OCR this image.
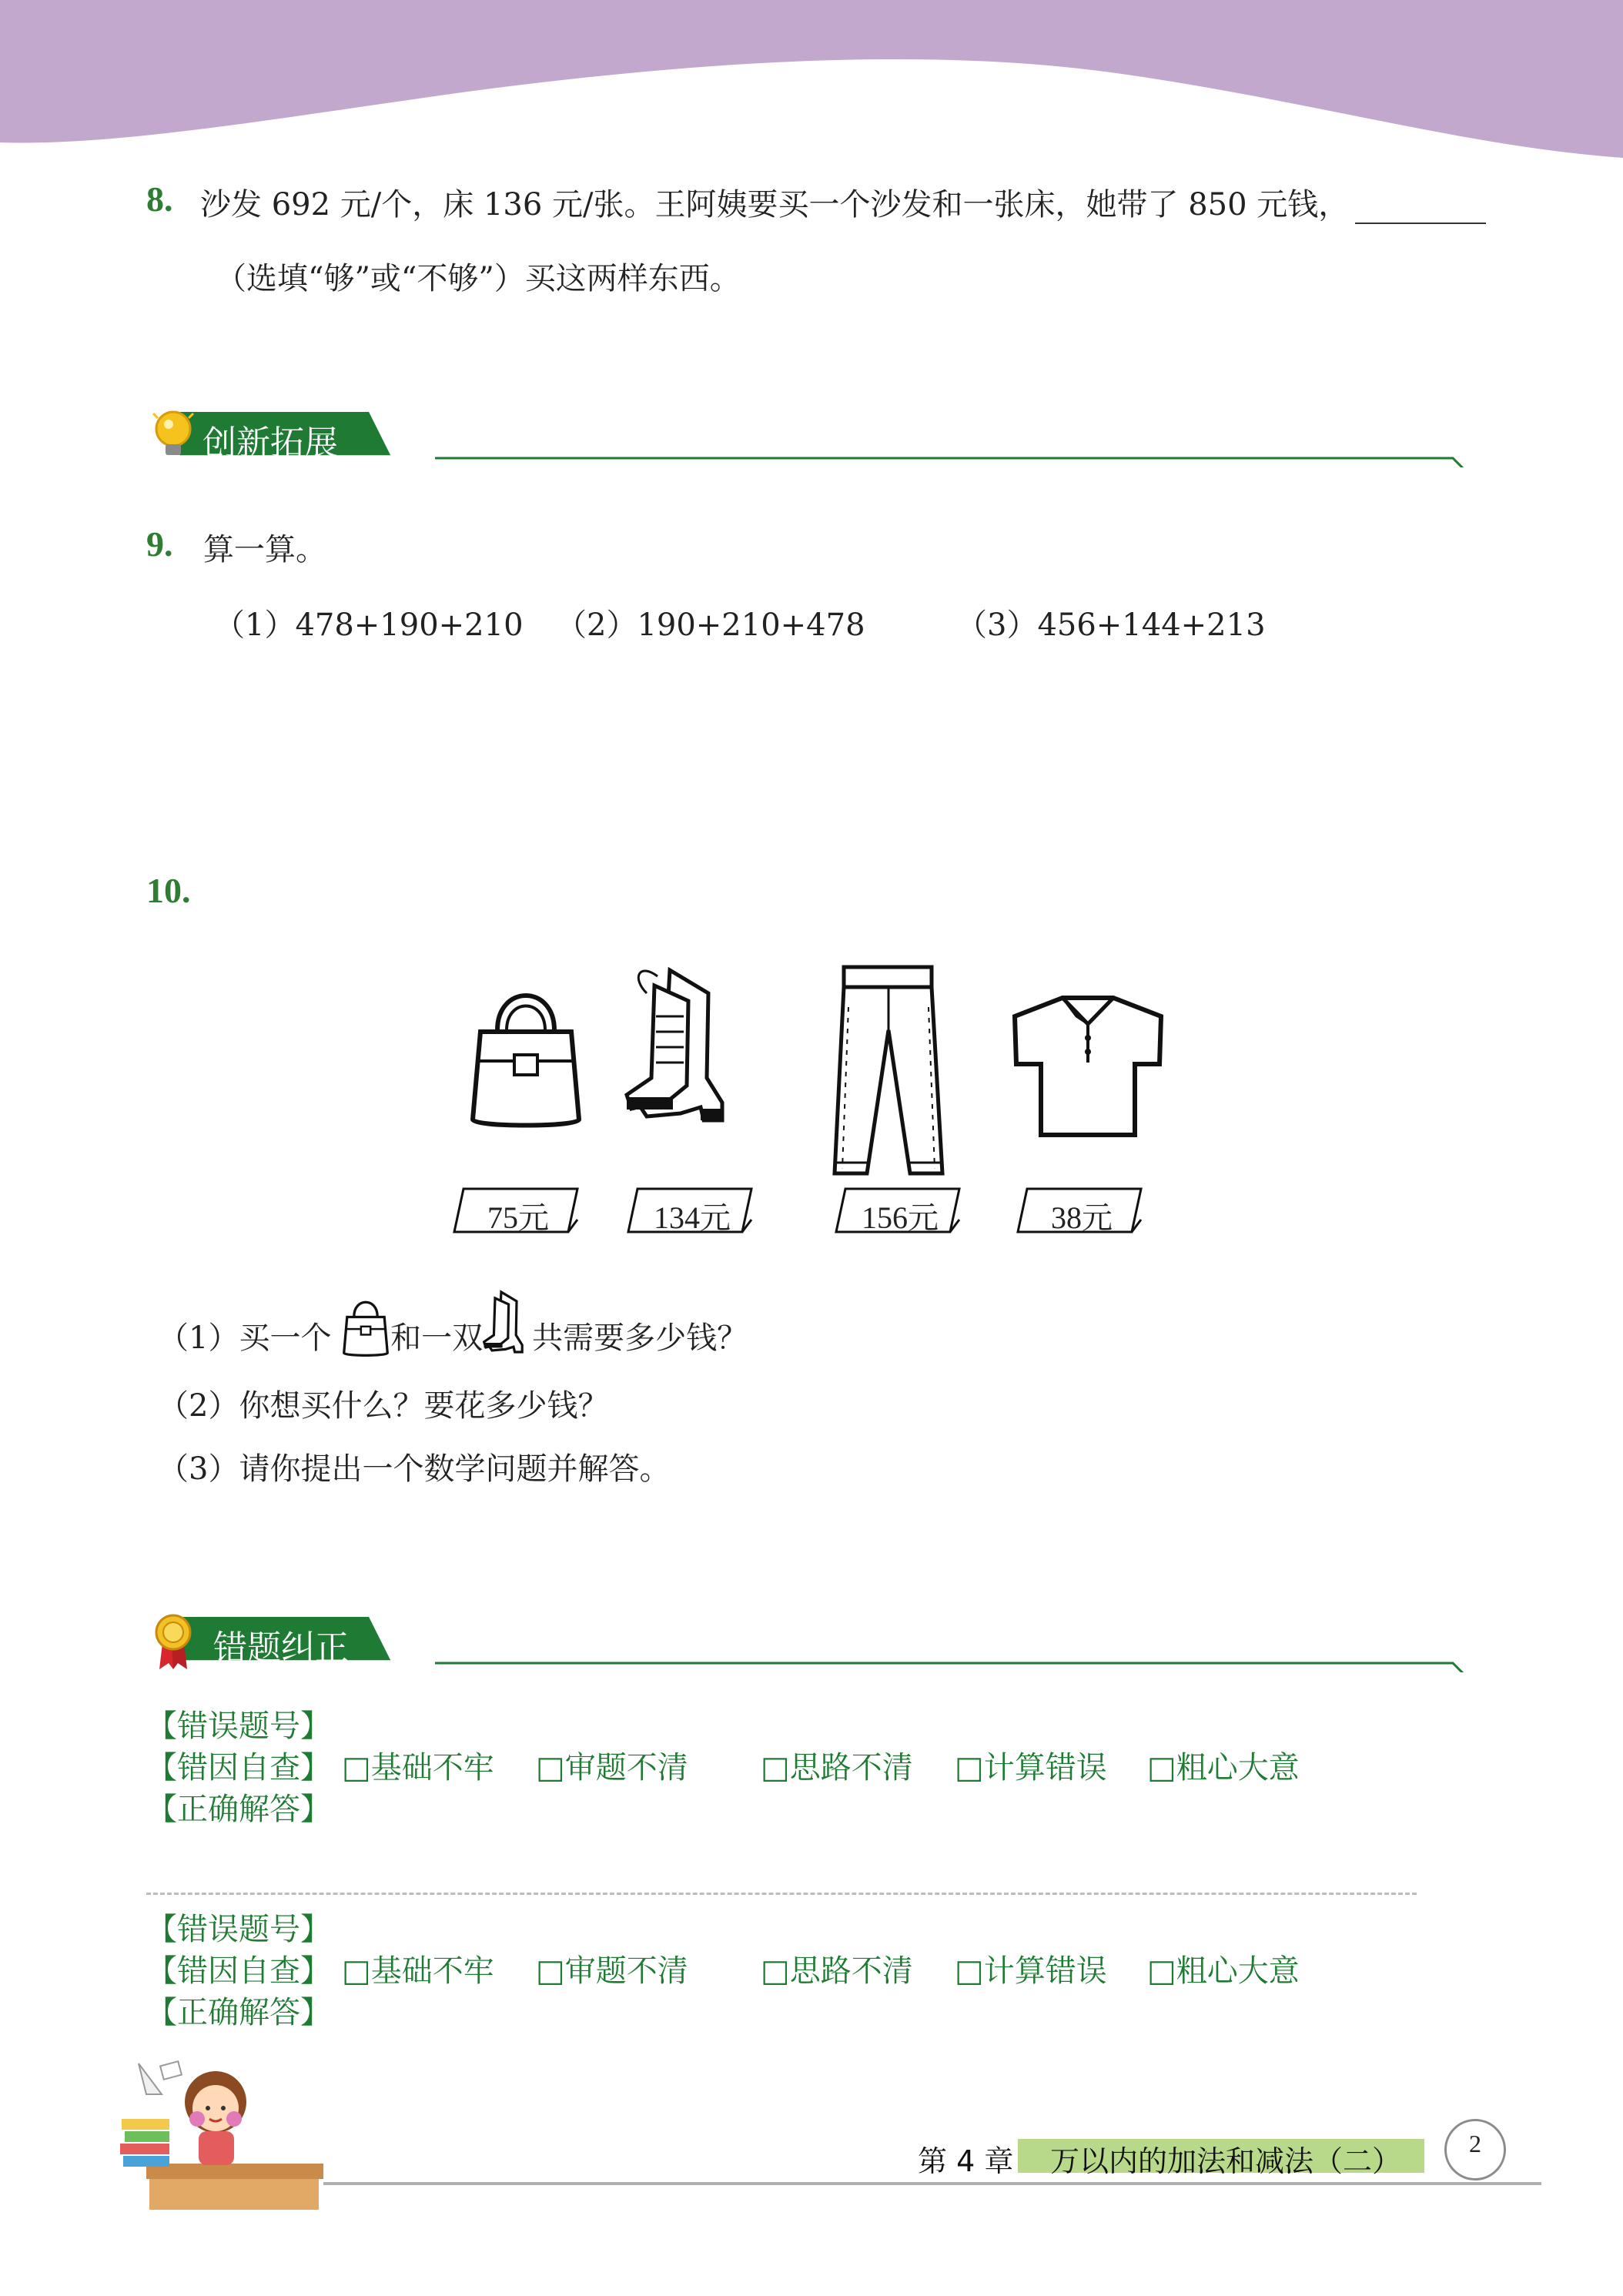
8. 沙发 692 元/个，床 136 元/张。王阿姨要买一个沙发和一张床，她带了 850 元钱，
（选填“够”或“不够”）买这两样东西。
创新拓展
9. 算一算。
（1）478+190+210 （2）190+210+478	（3）456+144+213
10.
75元	134元	156元	38元
（1）买一个 和一双 共需要多少钱？
（2）你想买什么？要花多少钱？
（3）请你提出一个数学问题并解答。
错题纠正
【错误题号】
【错因自查】 □基础不牢 □审题不清 □思路不清 □计算错误 □粗心大意
【正确解答】
【错误题号】
【错因自查】 □基础不牢 □审题不清 □思路不清 □计算错误 □粗心大意
【正确解答】
第 4 章 万以内的加法和减法（二）
2
